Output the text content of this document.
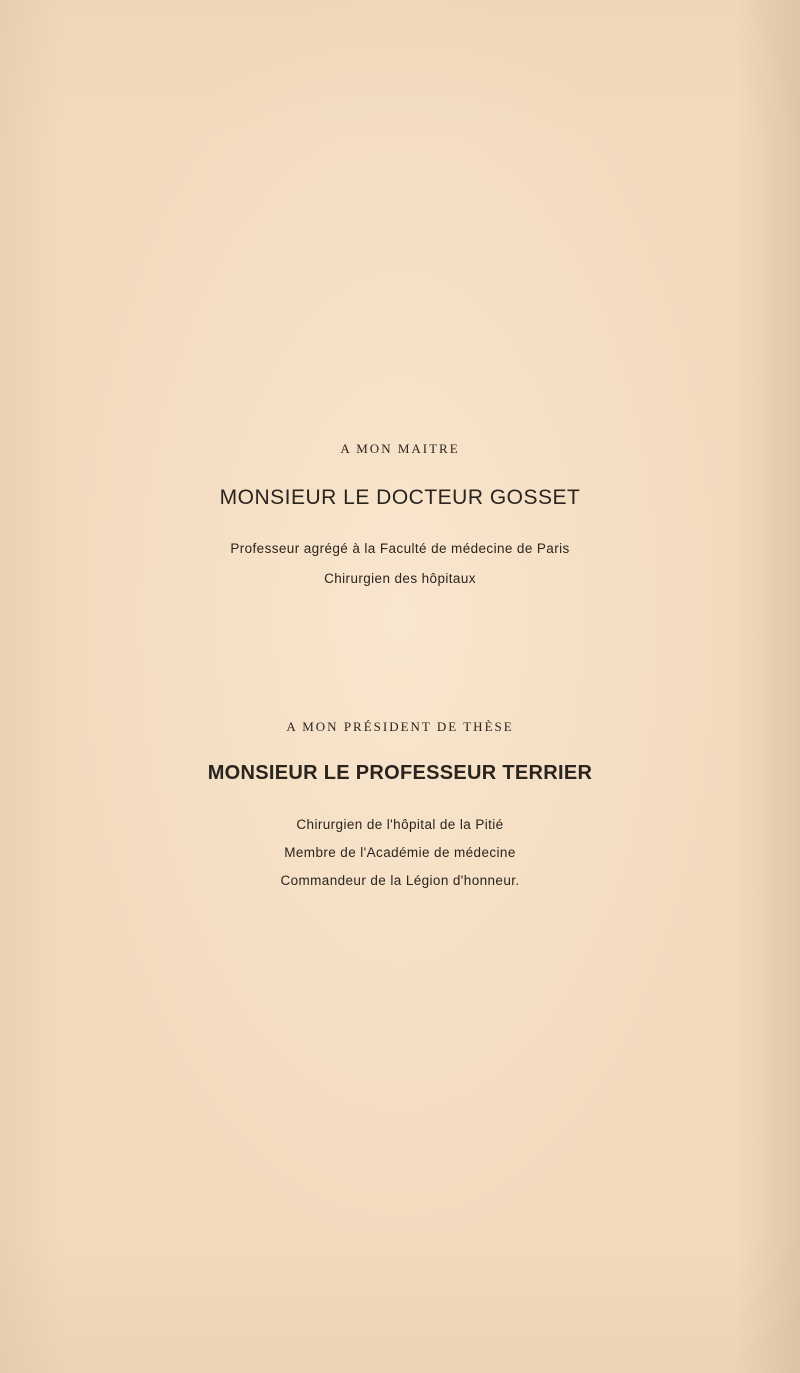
A MON MAITRE
MONSIEUR LE DOCTEUR GOSSET
Professeur agrégé à la Faculté de médecine de Paris
Chirurgien des hôpitaux
A MON PRÉSIDENT DE THÈSE
MONSIEUR LE PROFESSEUR TERRIER
Chirurgien de l'hôpital de la Pitié
Membre de l'Académie de médecine
Commandeur de la Légion d'honneur.
